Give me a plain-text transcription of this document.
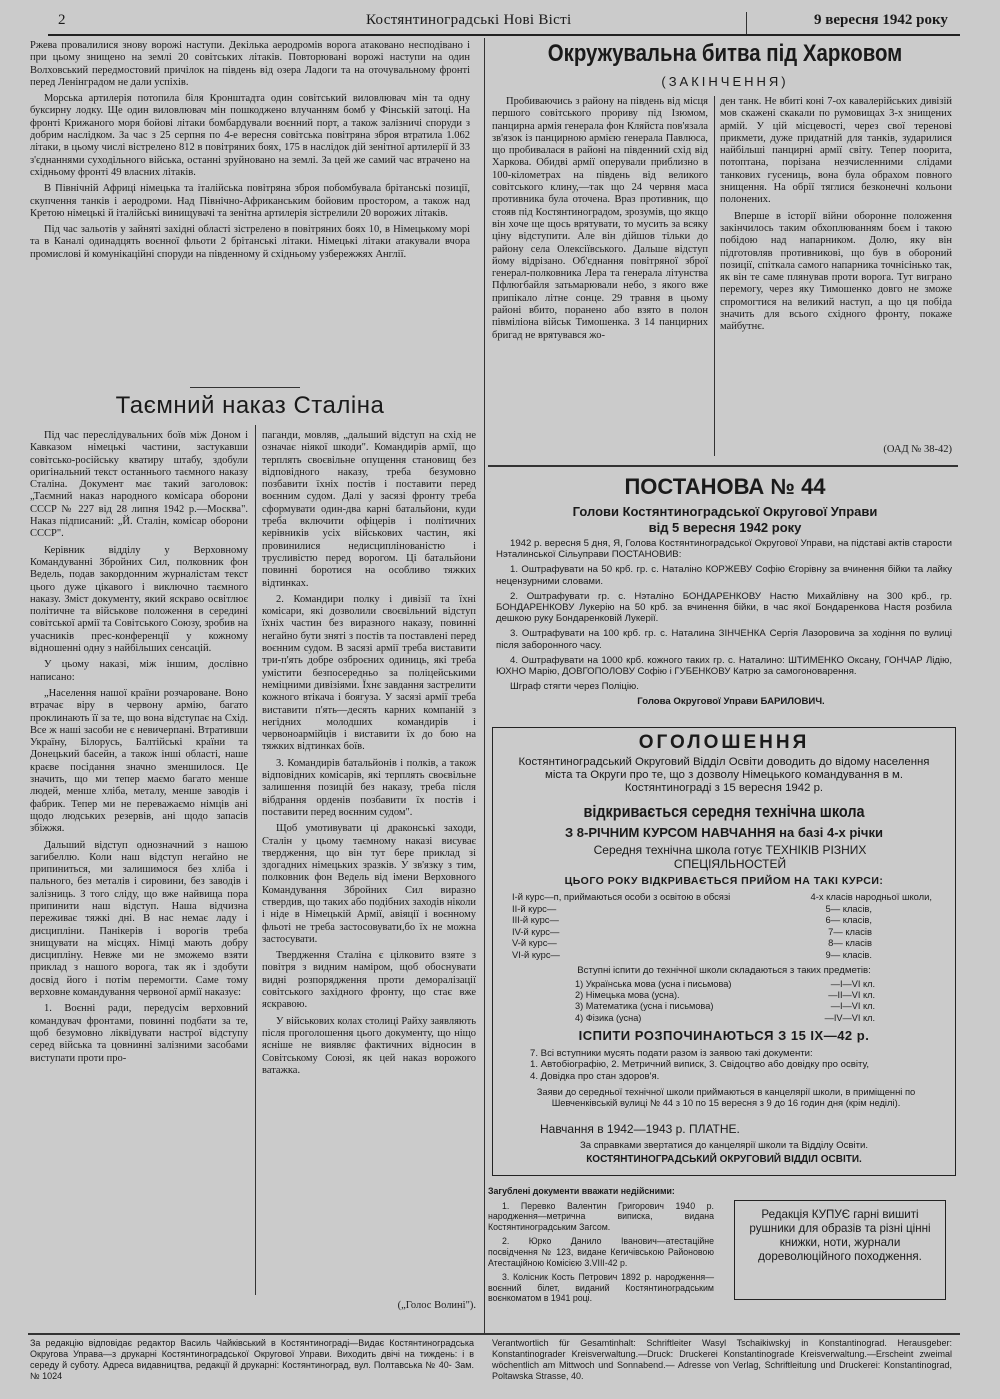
2	Костянтиноградські Нові Вісті	9 вересня 1942 року

Ржева провалилися знову ворожі наступи. Декілька аеродромів ворога атаковано несподівано і при цьому знищено на землі 20 совітських літаків. Повторювані ворожі наступи на один Волховський передмостовий причілок на південь від озера Ладоги та на оточувальному фронті перед Ленінградом не дали успіхів.

Морська артилерія потопила біля Кронштадта один совітський виловлювач мін та одну буксирну лодку. Ще один виловлювач мін пошкоджено влучанням бомб у Фінській затоці. На фронті Крижаного моря бойові літаки бомбардували воєнний порт, а також залізничі споруди з добрим наслідком. За час з 25 серпня по 4-е вересня совітська повітряна зброя втратила 1.062 літаки, в цьому числі вістрелено 812 в повітряних боях, 175 в наслідок дій зенітної артилерії й 33 з'єднаннями суходільного війська, останні зруйновано на землі. За цей же самий час втрачено на східньому фронті 49 власних літаків.

В Північній Африці німецька та італійська повітряна зброя побомбувала брітанські позиції, скупчення танків і аеродроми. Над Північно-Африканським бойовим простором, а також над Кретою німецькі й італійські винищувачі та зенітна артилерія зістрелили 20 ворожих літаків.

Під час зальотів у зайняті західні області зістрелено в повітряних боях 10, в Німецькому морі та в Каналі одинадцять воєнної фльоти 2 брітанські літаки. Німецькі літаки атакували вчора промислові й комунікаційні споруди на південному й східньому узбережжях Англії.

Таємний наказ Сталіна

Під час переслідувальних боїв між Доном і Кавказом німецькі частини, застукавши совітсько-російську кватиру штабу, здобули оригінальний текст останнього таємного наказу Сталіна. Документ має такий заголовок: „Таємний наказ народного комісара оборони СССР № 227 від 28 липня 1942 р.—Москва". Наказ підписаний: „Й. Сталін, комісар оборони СССР".

Керівник відділу у Верховному Командуванні Збройних Сил, полковник фон Ведель, подав закордонним журналістам текст цього дуже цікавого і виключно таємного наказу. Зміст документу, який яскраво освітлює політичне та військове положення в середині совітської армії та Совітського Союзу, зробив на учасників прес-конференції у кожному відношенні одну з найбільших сенсацій.

У цьому наказі, між іншим, дослівно написано:

„Населення нашої країни розчароване. Воно втрачає віру в червону армію, багато проклинають її за те, що вона відступає на Схід. Все ж наші засоби не є невичерпані. Втративши Україну, Білорусь, Балтійські країни та Донецький басейн, а також інші області, наше краєве посідання значно зменшилося. Це значить, що ми тепер маємо багато менше людей, менше хліба, металу, менше заводів і фабрик. Тепер ми не переважаємо німців ані щодо людських резервів, ані щодо запасів збіжжя.

Дальший відступ однозначний з нашою загибеллю. Коли наш відступ негайно не припиниться, ми залишимося без хліба і пального, без металів і сировини, без заводів і залізниць. З того сліду, що вже найвища пора припинити наш відступ. Наша відчизна переживає тяжкі дні. В нас немає ладу і дисципліни. Панікерів і ворогів треба знищувати на місцях. Німці мають добру дисципліну. Невже ми не зможемо взяти приклад з нашого ворога, так як і здобути досвід його і потім перемогти. Саме тому верховне командування червоної армії наказує:

1. Воєнні ради, передусім верховний командувач фронтами, повинні подбати за те, щоб безумовно ліквідувати настрої відступу серед війська та цовнинні залізними засобами виступати проти про-

паганди, мовляв, „дальший відступ на схід не означає ніякої шкоди". Командирів армії, що терплять своєвільне опущення становищ без відповідного наказу, треба безумовно позбавити їхніх постів і поставити перед воєнним судом. Далі у засязі фронту треба сформувати один-два карні батальйони, куди треба включити офіцерів і політичних керівників усіх військових частин, які провинилися недисциплінованістю і трусливістю перед ворогом. Ці батальйони повинні боротися на особливо тяжких відтинках.

2. Командири полку і дивізії та їхні комісари, які дозволили своєвільний відступ їхніх частин без виразного наказу, повинні негайно бути зняті з постів та поставлені перед воєнним судом. В засязі армії треба виставити три-п'ять добре озброєних одиниць, які треба умістити безпосередньо за поліцейськими неміцними дивізіями. Їхнє завдання застрелити кожного втікача і боягуза. У засязі армії треба виставити п'ять—десять карних компаній з негідних молодших командирів і червоноармійців і виставити їх до бою на тяжких відтинках боїв.

3. Командирів батальйонів і полків, а також відповідних комісарів, які терплять своєвільне залишення позицій без наказу, треба після вібдрання орденів позбавити їх постів і поставити перед воєнним судом".

Щоб умотивувати ці драконські заходи, Сталін у цьому таємному наказі висуває твердження, що він тут бере приклад зі здогадних німецьких зразків. У зв'язку з тим, полковник фон Ведель від імени Верховного Командування Збройних Сил виразно ствердив, що таких або подібних заходів ніколи і ніде в Німецькій Армії, авіяції і воєнному фльоті не треба застосовувати,бо їх не можна застосувати.

Твердження Сталіна є цілковито взяте з повітря з видним наміром, щоб обоснувати видні розпорядження проти деморалізації совітського західного фронту, що стає вже яскравою.

У військових колах столиці Райху заявляють після проголошення цього документу, що ніщо ясніше не виявляє фактичних відносин в Совітському Союзі, як цей наказ ворожого ватажка.

(„Голос Волині").
Окружувальна битва під Харковом
(ЗАКІНЧЕННЯ)

Пробиваючись з району на південь від місця першого совітського прориву під Ізюмом, панцирна армія генерала фон Кляйста пов'язала зв'язок із панцирною армією генерала Павлюса, що пробивалася в районі на південний схід від Харкова. Обидві армії оперували приблизно в 100-кілометрах на південь від великого совітського клину,—так що 24 червня маса противника була оточена. Враз противник, що стояв під Костянтиноградом, зрозумів, що якщо він хоче ще щось врятувати, то мусить за всяку ціну відступити. Але він дійшов тільки до району села Олексіївського. Дальше відступ йому відрізано. Об'єднання повітряної зброї генерал-полковника Лера та генерала літунства Пфлюгбайля затьмарювали небо, з якого вже припікало літне сонце. 29 травня в цьому районі вбито, поранено або взято в полон півміліона військ Тимошенка. З 14 панцирних бригад не врятувався жо-

ден танк. Не вбиті коні 7-ох кавалерійських дивізій мов скажені скакали по румовищах 3-х знищених армій. У цій місцевості, через свої теренові прикмети, дуже придатній для танків, зударилися найбільші панцирні армії світу. Тепер поорита, потоптана, порізана незчисленними слідами танкових гусениць, вона була обрахом повного знищення. На обрії тяглися безконечні кольони полонених.

Вперше в історії війни оборонне положення закінчилось таким обхоплюванням боєм і такою побідою над напарником. Долю, яку він підготовляв противникові, що був в обороний позиції, спіткала самого напарника точнісінько так, як він те саме плянував проти ворога. Тут виграно перемогу, через яку Тимошенко довго не зможе спромогтися на великий наступ, а що ця побіда значить для всього східного фронту, покаже майбутнє.

(ОАД № 38-42)
ПОСТАНОВА № 44
Голови Костянтиноградської Округової Управи
від 5 вересня 1942 року

1942 р. вересня 5 дня, Я, Голова Костянтиноградської Округової Управи, на підставі актів старости Нэталинської Сільуправи ПОСТАНОВИВ:

1. Оштрафувати на 50 крб. гр. с. Наталіно КОРЖЕВУ Софію Єгорівну за вчинення бійки та лайку нецензурними словами.

2. Оштрафувати гр. с. Нэталіно БОНДАРЕНКОВУ Настю Михайлівну на 300 крб., гр. БОНДАРЕНКОВУ Лукерію на 50 крб. за вчинення бійки, в час якої Бондаренкова Настя розбила дешкою руку Бондаренковій Лукерії.

3. Оштрафувати на 100 крб. гр. с. Наталина ЗІНЧЕНКА Сергія Лазоровича за ходіння по вулиці після заборонного часу.

4. Оштрафувати на 1000 крб. кожного таких гр. с. Наталино: ШТИМЕНКО Оксану, ГОНЧАР Лідію, ЮХНО Марію, ДОВГОПОЛОВУ Софію і ГУБЕНКОВУ Катрю за самогоноварення.

Шграф стягти через Поліцію.

Голова Округової Управи БАРИЛОВИЧ.

ОГОЛОШЕННЯ
Костянтиноградський Округовий Відділ Освіти доводить до відому населення міста та Округи про те, що з дозволу Німецького командування в м. Костянтинограді з 15 вересня 1942 р.
відкривається середня технічна школа
З 8-РІЧНИМ КУРСОМ НАВЧАННЯ на базі 4-х річки
Середня технічна школа готує ТЕХНІКІВ РІЗНИХ СПЕЦІЯЛЬНОСТЕЙ
ЦЬОГО РОКУ ВІДКРИВАЄТЬСЯ ПРИЙОМ НА ТАКІ КУРСИ:
І-й курс—п, приймаються особи з освітою в обсязі	4-х класів народньої школи,
ІІ-й курс—	5— класів,
ІІІ-й курс—	6— класів,
ІV-й курс—	7— класів
V-й курс—	8— класів
VІ-й курс—	9— класів.
Вступні іспити до технічної школи складаються з таких предметів:
1) Українська мова (усна і письмова)	—І—VІ кл.
2) Німецька мова (усна).	—ІІ—VІ кл.
3) Математика (усна і письмова)	—І—VІ кл.
4) Фізика (усна)	—ІV—VІ кл.
ІСПИТИ РОЗПОЧИНАЮТЬСЯ З 15 ІХ—42 р.

7. Всі вступники мусять подати разом із заявою такі документи:

1. Автобіографію, 2. Метричний виписк, 3. Свідоцтво або довідку про освіту,

4. Довідка про стан здоров'я.

Заяви до середньої технічної школи приймаються в канцелярії школи, в приміщенні по Шевченківській вулиці № 44 з 10 по 15 вересня з 9 до 16 годин дня (крім неділі).
Навчання в 1942—1943 р. ПЛАТНЕ.
За справками звертатися до канцелярії школи та Відділу Освіти.
КОСТЯНТИНОГРАДСЬКИЙ ОКРУГОВИЙ ВІДДІЛ ОСВІТИ.

Загублені документи вважати недійсними:

1. Перевко Валентин Григорович 1940 р. народження—метрична виписка, видана Костянтиноградським Загсом.

2. Юрко Данило Іванович—атестаційне посвідчення № 123, видане Кегичівською Районовою Атестаційною Комісією 3.VІІІ-42 р.

3. Колісник Кость Петрович 1892 р. народження—воєнний білет, виданий Костянтиноградським воєнкоматом в 1941 році.

Редакція КУПУЄ гарні вишиті рушники для образів та різні цінні книжки, ноти, журнали дореволюційного походження.

За редакцію відповідає редактор Василь Чайківський в Костянтинограді—Видає Костянтиноградська Округова Управа—з друкарні Костянтиноградської Округової Управи. Виходить двічі на тиждень: і в середу й суботу. Адреса видавництва, редакції й друкарні: Костянтиноград, вул. Полтавська № 40- Зам. № 1024

Verantwortlich für Gesamtinhalt: Schriftleiter Wasyl Tschaikiwskyj in Konstantinograd. Herausgeber: Konstantinograder Kreisverwaltung.—Druck: Druckerei Konstantinograde Kreisverwaltung.—Erscheint zweimal wöchentlich am Mittwoch und Sonnabend.— Adresse von Verlag, Schriftleitung und Druckerei: Konstantinograd, Poltawska Strasse, 40.
